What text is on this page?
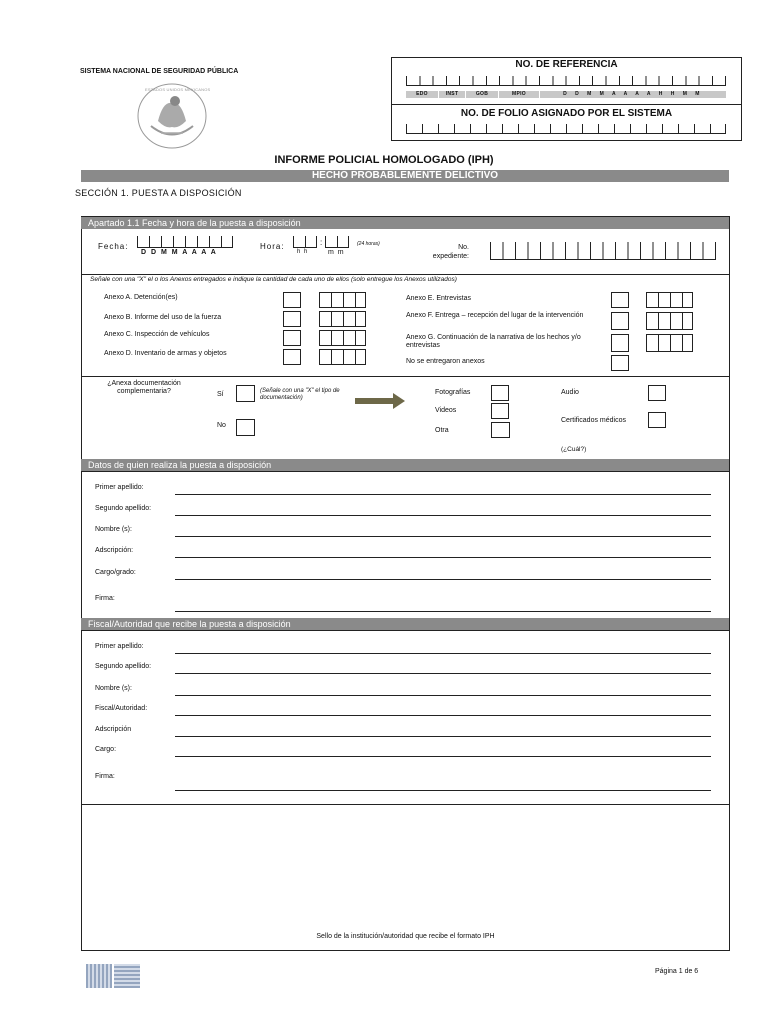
SISTEMA NACIONAL DE SEGURIDAD PÚBLICA
ESTADOS UNIDOS MEXICANOS
NO. DE REFERENCIA
EDO	INST	GOB	MPIO	D D M M A A A A H H M M
NO. DE FOLIO ASIGNADO POR EL SISTEMA
INFORME POLICIAL HOMOLOGADO (IPH)
HECHO PROBABLEMENTE DELICTIVO
SECCIÓN 1. PUESTA A DISPOSICIÓN
Apartado 1.1 Fecha y hora de la puesta a disposición
Fecha:
D D M M A A A A
Hora:	:
h h	m m
(24 horas)	No. expediente:
Señale con una "X" el o los Anexos entregados e indique la cantidad de cada uno de ellos (solo entregue los Anexos utilizados)
Anexo A. Detención(es)
Anexo B. Informe del uso de la fuerza
Anexo C. Inspección de vehículos
Anexo D. Inventario de armas y objetos
Anexo E. Entrevistas
Anexo F. Entrega – recepción del lugar de la intervención
Anexo G. Continuación de la narrativa de los hechos y/o entrevistas
No se entregaron anexos
¿Anexa documentación complementaria?	Sí	(Señale con una "X" el tipo de documentación)
No
Fotografías
Videos
Otra
Audio
Certificados médicos
(¿Cuál?)
Datos de quien realiza la puesta a disposición
Primer apellido:
Segundo apellido:
Nombre (s):
Adscripción:
Cargo/grado:
Firma:
Fiscal/Autoridad que recibe la puesta a disposición
Primer apellido:
Segundo apellido:
Nombre (s):
Fiscal/Autoridad:
Adscripción
Cargo:
Firma:
Sello de la institución/autoridad que recibe el formato IPH
Página 1 de 6
